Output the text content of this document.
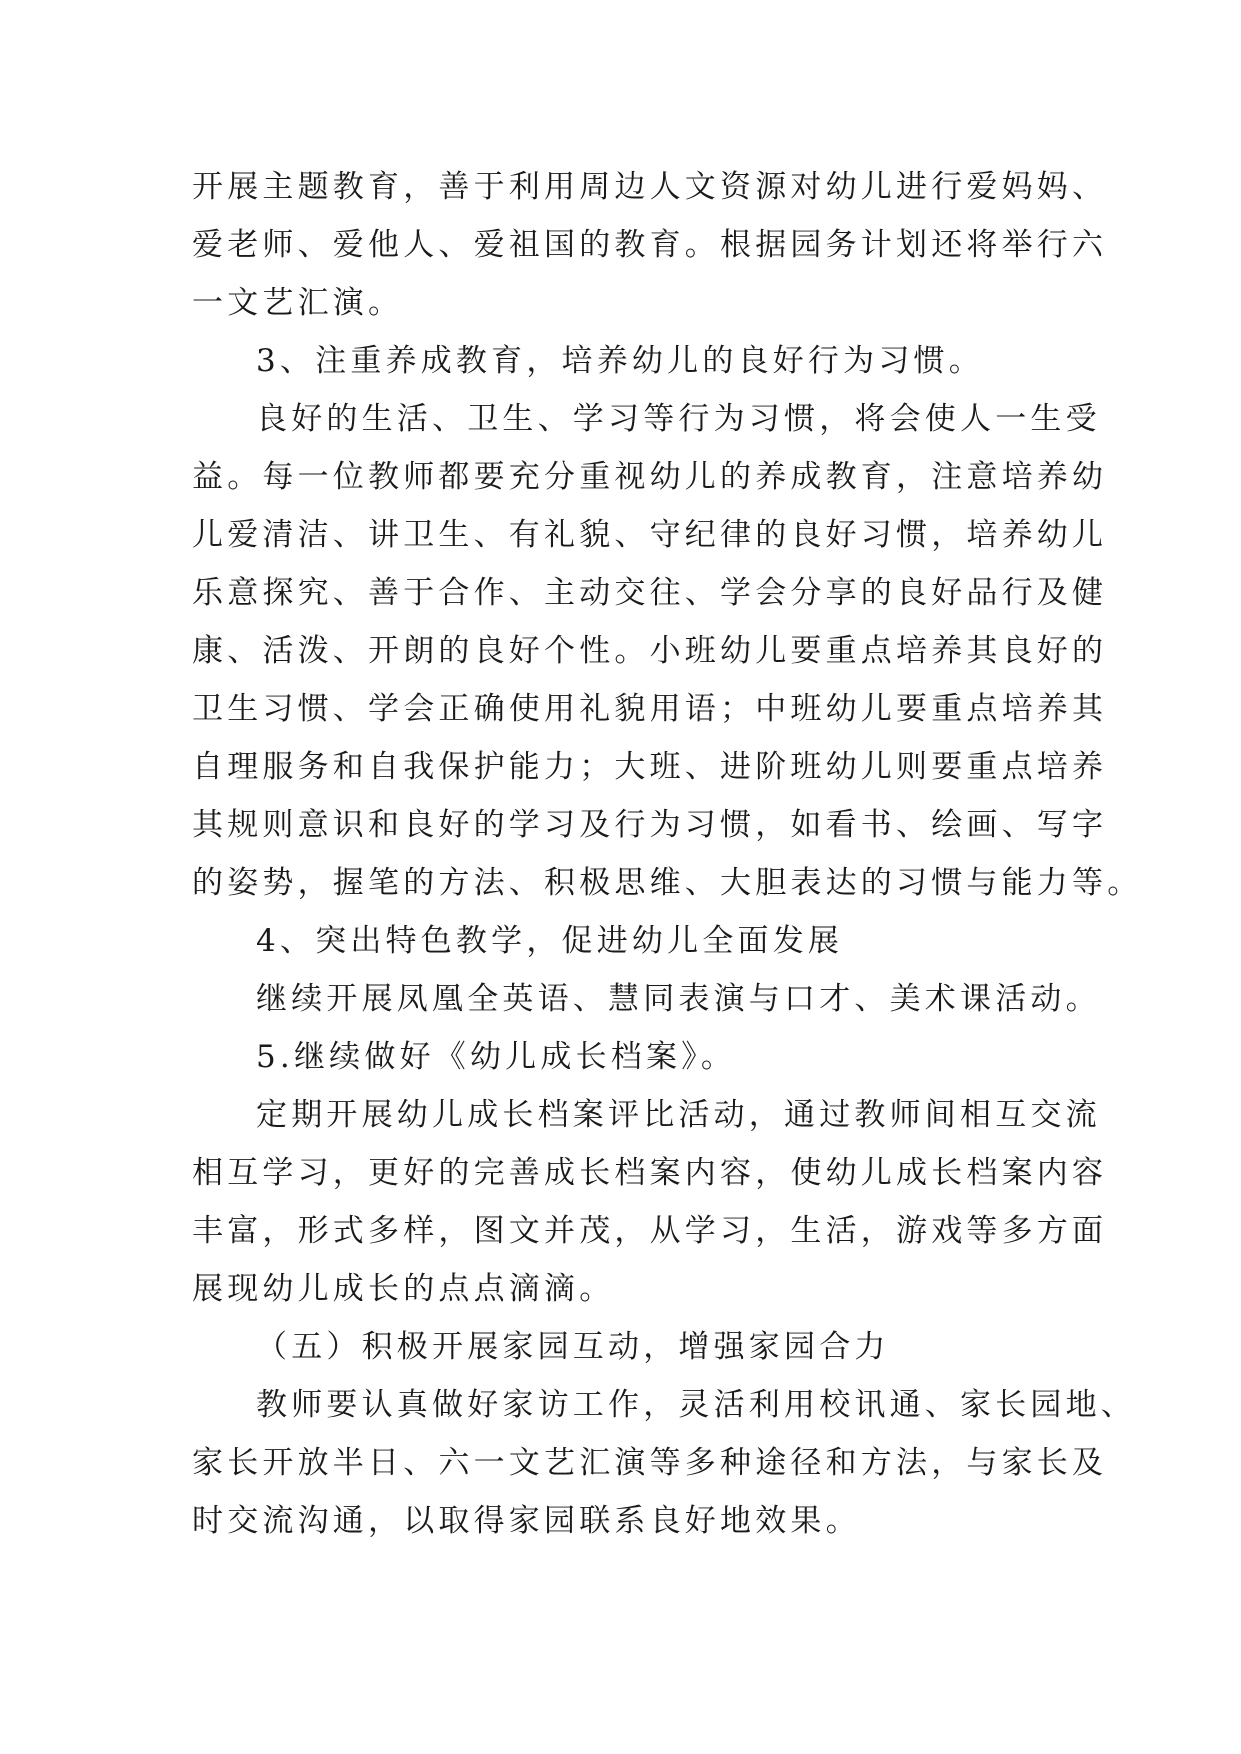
开展主题教育，善于利用周边人文资源对幼儿进行爱妈妈、
爱老师、爱他人、爱祖国的教育。根据园务计划还将举行六
一文艺汇演。
3、注重养成教育，培养幼儿的良好行为习惯。
良好的生活、卫生、学习等行为习惯，将会使人一生受
益。每一位教师都要充分重视幼儿的养成教育，注意培养幼
儿爱清洁、讲卫生、有礼貌、守纪律的良好习惯，培养幼儿
乐意探究、善于合作、主动交往、学会分享的良好品行及健
康、活泼、开朗的良好个性。小班幼儿要重点培养其良好的
卫生习惯、学会正确使用礼貌用语；中班幼儿要重点培养其
自理服务和自我保护能力；大班、进阶班幼儿则要重点培养
其规则意识和良好的学习及行为习惯，如看书、绘画、写字
的姿势，握笔的方法、积极思维、大胆表达的习惯与能力等。
4、突出特色教学，促进幼儿全面发展
继续开展凤凰全英语、慧同表演与口才、美术课活动。
5.继续做好《幼儿成长档案》。
定期开展幼儿成长档案评比活动，通过教师间相互交流
相互学习，更好的完善成长档案内容，使幼儿成长档案内容
丰富，形式多样，图文并茂，从学习，生活，游戏等多方面
展现幼儿成长的点点滴滴。
（五）积极开展家园互动，增强家园合力
教师要认真做好家访工作，灵活利用校讯通、家长园地、
家长开放半日、六一文艺汇演等多种途径和方法，与家长及
时交流沟通，以取得家园联系良好地效果。
